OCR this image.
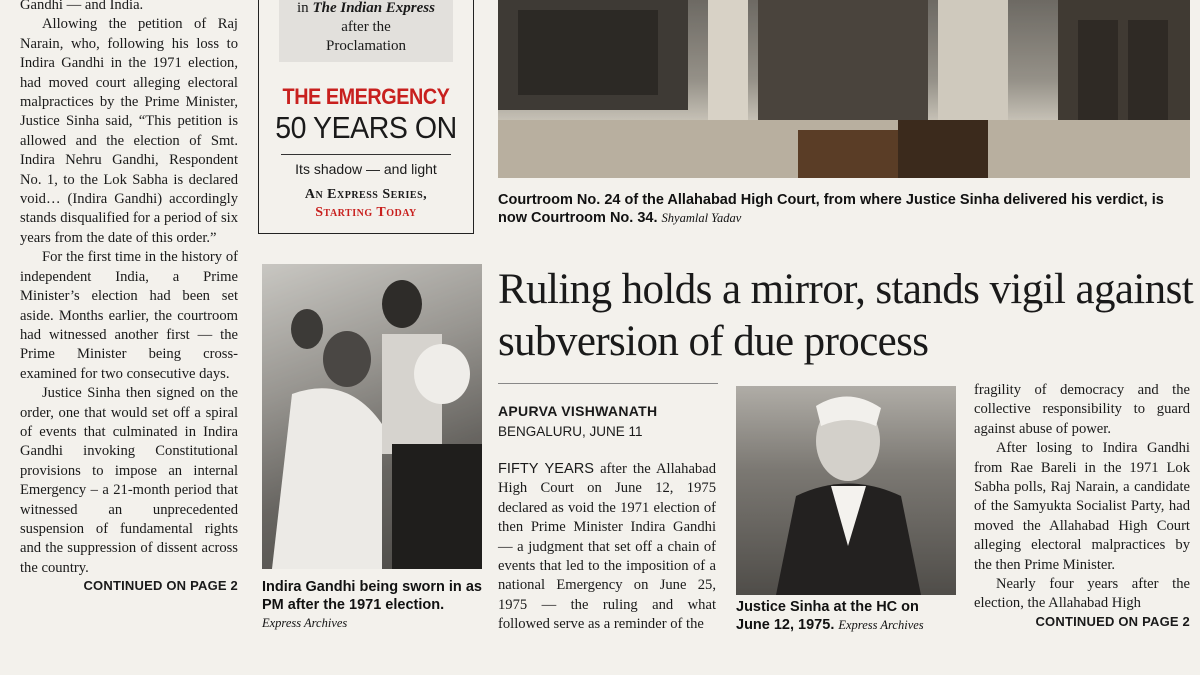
Gandhi — and India.

Allowing the petition of Raj Narain, who, following his loss to Indira Gandhi in the 1971 election, had moved court alleging electoral malpractices by the Prime Minister, Justice Sinha said, “This petition is allowed and the election of Smt. Indira Nehru Gandhi, Respondent No. 1, to the Lok Sabha is declared void… (Indira Gandhi) accordingly stands disqualified for a period of six years from the date of this order.”

For the first time in the history of independent India, a Prime Minister’s election had been set aside. Months earlier, the courtroom had witnessed another first — the Prime Minister being cross-examined for two consecutive days.

Justice Sinha then signed on the order, one that would set off a spiral of events that culminated in Indira Gandhi invoking Constitutional provisions to impose an internal Emergency – a 21-month period that witnessed an unprecedented suspension of fundamental rights and the suppression of dissent across the country.

CONTINUED ON PAGE 2
in The Indian Express
after the
Proclamation
THE EMERGENCY
50 YEARS ON
Its shadow — and light
An Express Series,
Starting Today
Courtroom No. 24 of the Allahabad High Court, from where Justice Sinha delivered his verdict, is now Courtroom No. 34. Shyamlal Yadav
Indira Gandhi being sworn in as PM after the 1971 election. Express Archives
Ruling holds a mirror, stands vigil against subversion of due process
APURVA VISHWANATH
BENGALURU, JUNE 11

FIFTY YEARS after the Allahabad High Court on June 12, 1975 declared as void the 1971 election of then Prime Minister Indira Gandhi — a judgment that set off a chain of events that led to the imposition of a national Emergency on June 25, 1975 — the ruling and what followed serve as a reminder of the

Justice Sinha at the HC on June 12, 1975. Express Archives

fragility of democracy and the collective responsibility to guard against abuse of power.

After losing to Indira Gandhi from Rae Bareli in the 1971 Lok Sabha polls, Raj Narain, a candidate of the Samyukta Socialist Party, had moved the Allahabad High Court alleging electoral malpractices by the then Prime Minister.

Nearly four years after the election, the Allahabad High

CONTINUED ON PAGE 2
